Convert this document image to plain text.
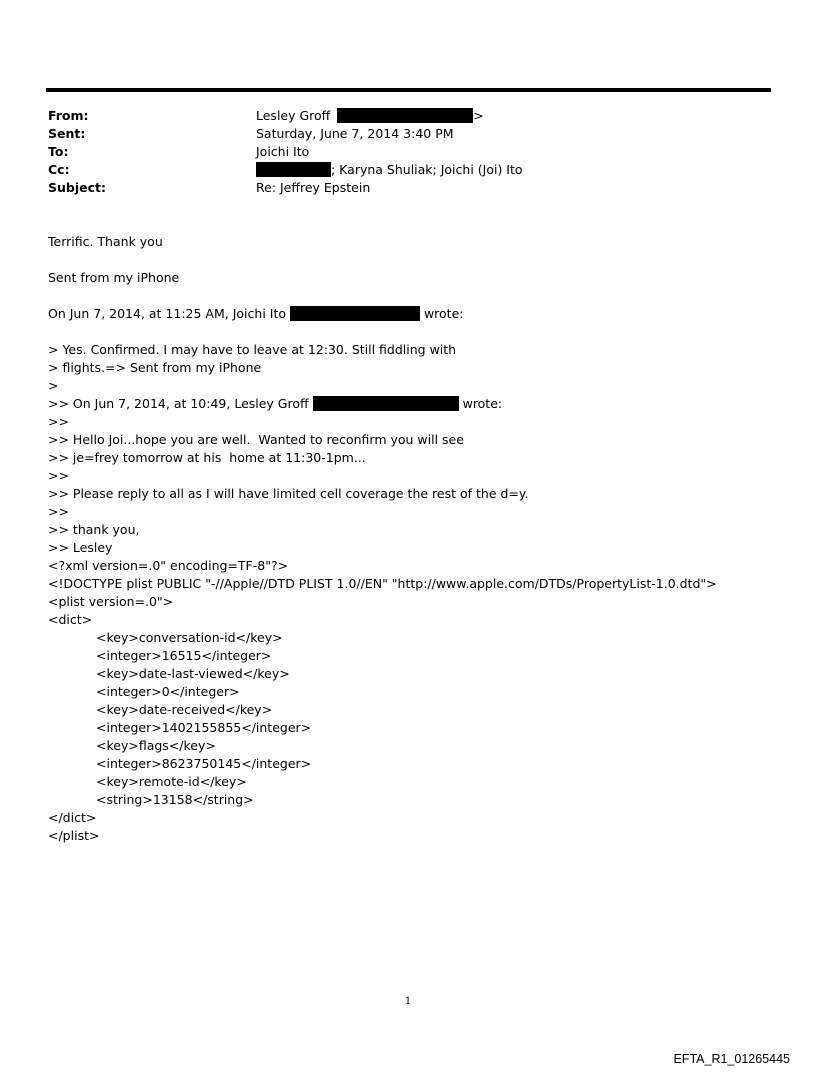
From:	Lesley Groff	>
Sent:	Saturday, June 7, 2014 3:40 PM
To:	Joichi Ito
Cc:	; Karyna Shuliak; Joichi (Joi) Ito
Subject:	Re: Jeffrey Epstein
Terrific. Thank you
Sent from my iPhone
On Jun 7, 2014, at 11:25 AM, Joichi Ito	wrote:
> Yes. Confirmed. I may have to leave at 12:30. Still fiddling with
> flights.=> Sent from my iPhone
>
>> On Jun 7, 2014, at 10:49, Lesley Groff	wrote:
>>
>> Hello Joi...hope you are well.  Wanted to reconfirm you will see
>> je=frey tomorrow at his  home at 11:30-1pm...
>>
>> Please reply to all as I will have limited cell coverage the rest of the d=y.
>>
>> thank you,
>> Lesley
<?xml version=.0" encoding=TF-8"?>
<!DOCTYPE plist PUBLIC "-//Apple//DTD PLIST 1.0//EN" "http://www.apple.com/DTDs/PropertyList-1.0.dtd">
<plist version=.0">
<dict>
<key>conversation-id</key>
<integer>16515</integer>
<key>date-last-viewed</key>
<integer>0</integer>
<key>date-received</key>
<integer>1402155855</integer>
<key>flags</key>
<integer>8623750145</integer>
<key>remote-id</key>
<string>13158</string>
</dict>
</plist>
1
EFTA_R1_01265445
